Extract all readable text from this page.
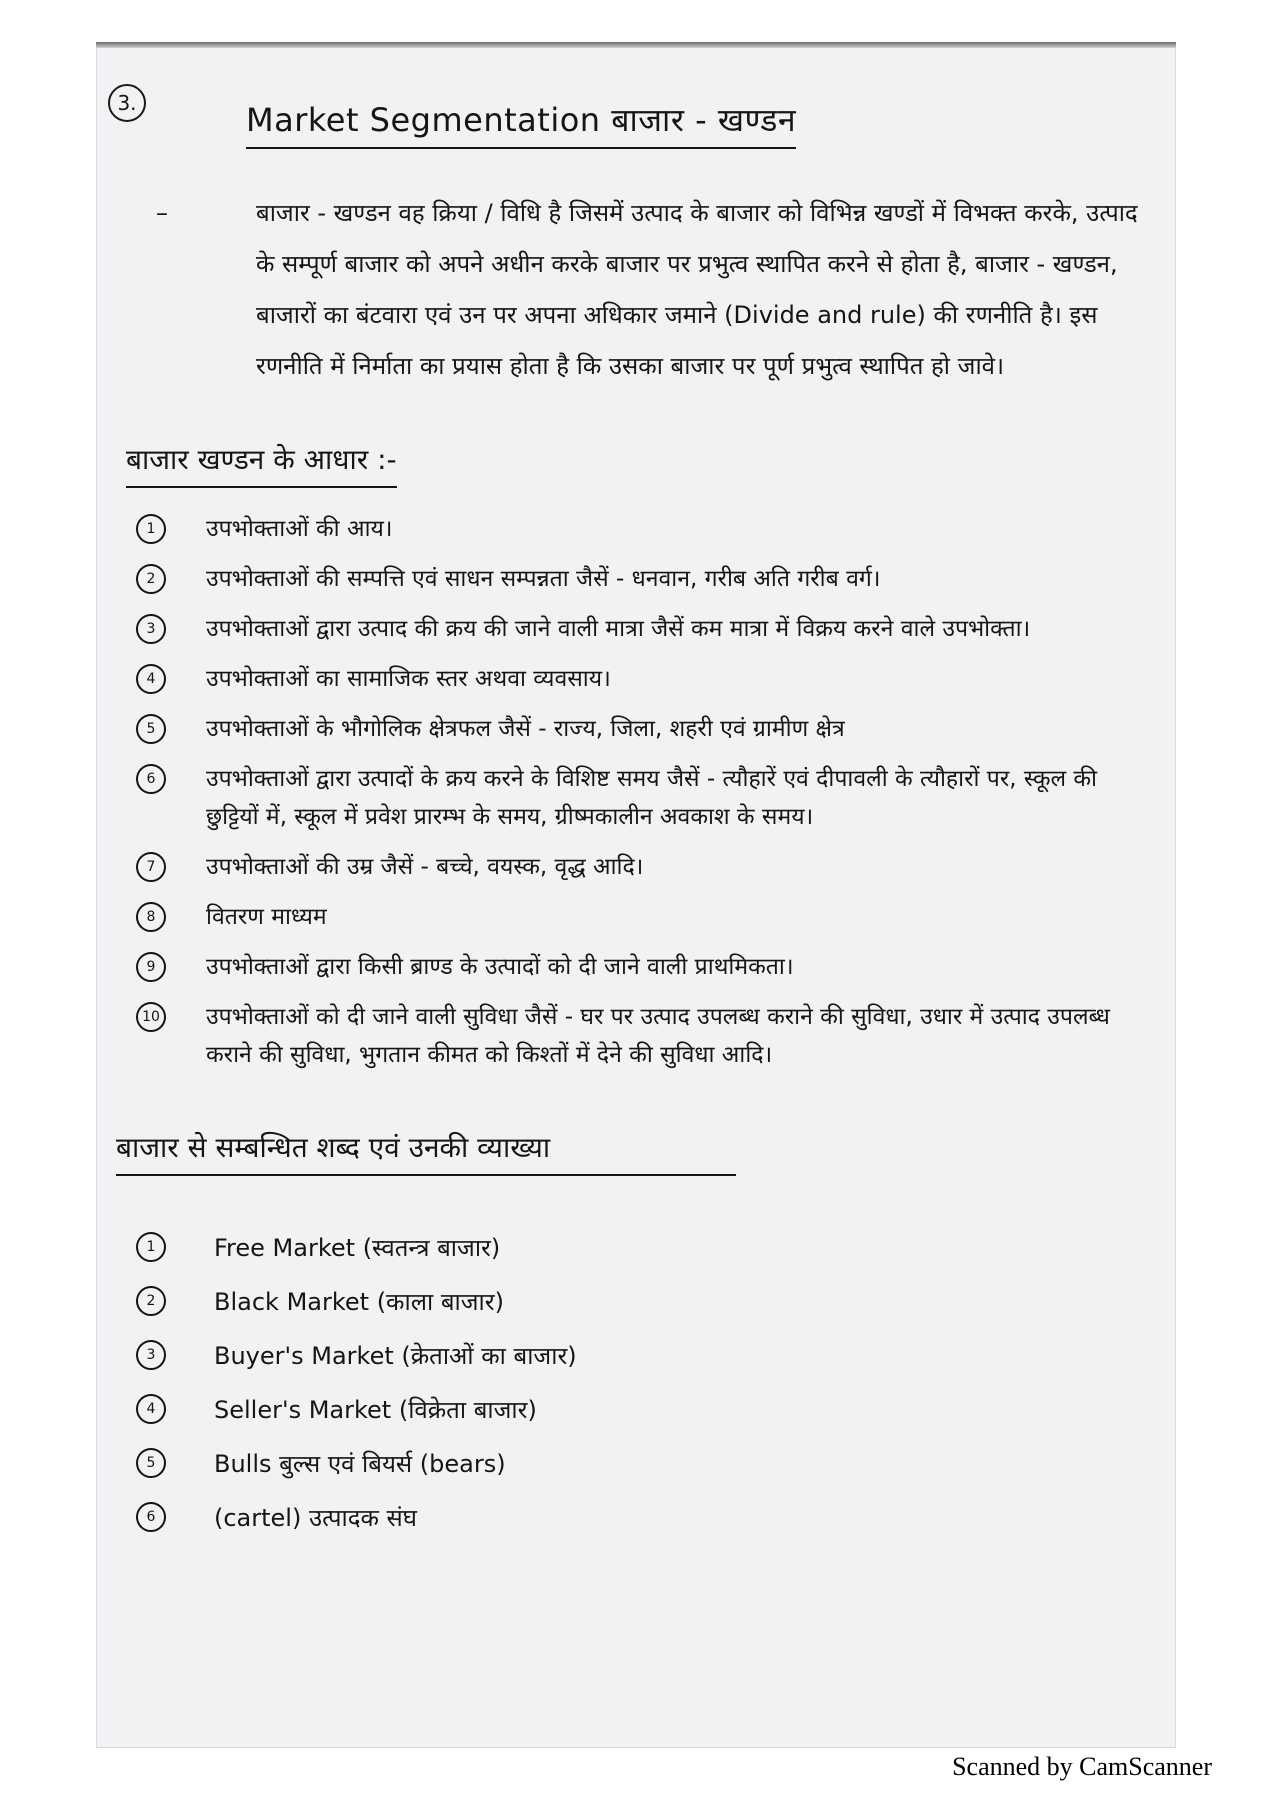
3.	Market Segmentation बाजार - खण्डन
–	बाजार - खण्डन वह क्रिया / विधि है जिसमें उत्पाद के बाजार को विभिन्न खण्डों में विभक्त करके, उत्पाद के सम्पूर्ण बाजार को अपने अधीन करके बाजार पर प्रभुत्व स्थापित करने से होता है, बाजार - खण्डन, बाजारों का बंटवारा एवं उन पर अपना अधिकार जमाने (Divide and rule) की रणनीति है। इस रणनीति में निर्माता का प्रयास होता है कि उसका बाजार पर पूर्ण प्रभुत्व स्थापित हो जावे।
बाजार खण्डन के आधार :-
1	उपभोक्ताओं की आय।
2	उपभोक्ताओं की सम्पत्ति एवं साधन सम्पन्नता जैसें - धनवान, गरीब अति गरीब वर्ग।
3	उपभोक्ताओं द्वारा उत्पाद की क्रय की जाने वाली मात्रा जैसें कम मात्रा में विक्रय करने वाले उपभोक्ता।
4	उपभोक्ताओं का सामाजिक स्तर अथवा व्यवसाय।
5	उपभोक्ताओं के भौगोलिक क्षेत्रफल जैसें - राज्य, जिला, शहरी एवं ग्रामीण क्षेत्र
6	उपभोक्ताओं द्वारा उत्पादों के क्रय करने के विशिष्ट समय जैसें - त्यौहारें एवं दीपावली के त्यौहारों पर, स्कूल की छुट्टियों में, स्कूल में प्रवेश प्रारम्भ के समय, ग्रीष्मकालीन अवकाश के समय।
7	उपभोक्ताओं की उम्र जैसें - बच्चे, वयस्क, वृद्ध आदि।
8	वितरण माध्यम
9	उपभोक्ताओं द्वारा किसी ब्राण्ड के उत्पादों को दी जाने वाली प्राथमिकता।
10 उपभोक्ताओं को दी जाने वाली सुविधा जैसें - घर पर उत्पाद उपलब्ध कराने की सुविधा, उधार में उत्पाद उपलब्ध कराने की सुविधा, भुगतान कीमत को किश्तों में देने की सुविधा आदि।
बाजार से सम्बन्धित शब्द एवं उनकी व्याख्या
1	Free Market (स्वतन्त्र बाजार)
2	Black Market (काला बाजार)
3	Buyer's Market (क्रेताओं का बाजार)
4	Seller's Market (विक्रेता बाजार)
5	Bulls बुल्स एवं बियर्स (bears)
6	(cartel) उत्पादक संघ
Scanned by CamScanner
